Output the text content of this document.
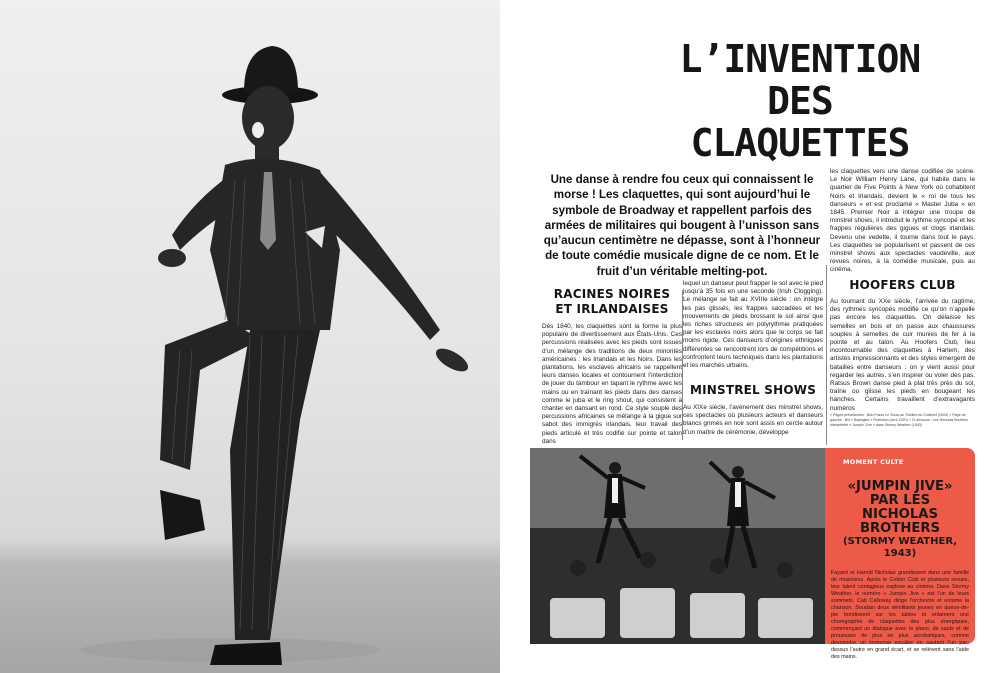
L’INVENTION
DES
CLAQUETTES
Une danse à rendre fou ceux qui connaissent le morse ! Les claquettes, qui sont aujourd’hui le symbole de Broadway et rappellent parfois des armées de militaires qui bougent à l’unisson sans qu’aucun centimètre ne dépasse, sont à l’honneur de toute comédie musicale digne de ce nom. Et le fruit d’un véritable melting-pot.
RACINES NOIRES
ET IRLANDAISES

Dès 1840, les claquettes sont la forme la plus populaire de divertissement aux États-Unis. Ces percussions réalisées avec les pieds sont issues d’un mélange des traditions de deux minorités américaines : les Irlandais et les Noirs. Dans les plantations, les esclaves africains se rappellent leurs danses locales et contournent l’interdiction de jouer du tambour en tapant le rythme avec les mains ou en traînant les pieds dans des danses comme le juba et le ring shout, qui consistent à chanter en dansant en rond. Ce style souple des percussions africaines se mélange à la gigue sur sabot des immigrés irlandais, leur travail des pieds articulé et très codifié sur pointe et talon dans

lequel un danseur peut frapper le sol avec le pied jusqu’à 35 fois en une seconde (Irish Clogging). Le mélange se fait au XVIIIe siècle : on intègre les pas glissés, les frappes saccadées et les mouvements de pieds brossant le sol ainsi que les riches structures en polyrythmie pratiquées par les esclaves noirs alors que le corps se fait moins rigide. Ces danseurs d’origines ethniques différentes se rencontrent lors de compétitions et confrontent leurs techniques dans les plantations et les marchés urbains.

MINSTREL SHOWS

Au XIXe siècle, l’avènement des minstrel shows, ces spectacles où plusieurs acteurs et danseurs blancs grimés en noir sont assis en cercle autour d’un maître de cérémonie, développe

les claquettes vers une danse codifiée de scène. Le Noir William Henry Lane, qui habite dans le quartier de Five Points à New York où cohabitent Noirs et Irlandais, devient le « roi de tous les danseurs » et est proclamé « Master Juba » en 1845. Premier Noir à intégrer une troupe de minstrel shows, il introduit le rythme syncopé et les frappes régulières des gigues et clogs irlandais. Devenu une vedette, il tourne dans tout le pays. Les claquettes se popularisent et passent de ces minstrel shows aux spectacles vaudeville, aux revues noires, à la comédie musicale, puis au cinéma.

HOOFERS CLUB

Au tournant du XXe siècle, l’arrivée du ragtime, des rythmes syncopés modifie ce qu’on n’appelle pas encore les claquettes. On délaisse les semelles en bois et on passe aux chaussures souples à semelles de cuir munies de fer à la pointe et au talon. Au Hoofers Club, lieu incontournable des claquettes à Harlem, des artistes impressionnants et des styles émergent de batailles entre danseurs : on y vient aussi pour regarder les autres, s’en inspirer ou voler des pas. Ratsus Brown danse pied à plat très près du sol, traîne ou glisse les pieds en bougeant les hanches. Certains travaillent d’extravagants numéros

« Pages précédentes : Bob Fosse Le Show au Théâtre du Châtelet (2004) « Page de gauche : Bill « Bojangles » Robinson (vers 1920) « Ci-dessous : Les Nicholas Brothers interprètent « Jumpin’ Jive » dans Stormy Weather (1943)
MOMENT CULTE
«JUMPIN JIVE»
PAR LES NICHOLAS
BROTHERS
(STORMY WEATHER, 1943)
Fayard et Harold Nicholas grandissent dans une famille de musiciens. Après le Cotton Club et plusieurs revues, leur talent contagieux explose au cinéma. Dans Stormy Weather, le numéro « Jumpin Jive » est l’un de leurs sommets. Cab Calloway dirige l’orchestre et entame la chanson. Soudain deux sémillants jeunes en queue-de-pie bondissent sur les tables et entament une chorégraphie de claquettes des plus énergiques, commençant un dialogue avec le piano, de sauts et de prouesses de plus en plus acrobatiques, comme descendre un immense escalier en sautant l’un par-dessus l’autre en grand écart, et se relèvent sans l’aide des mains.
